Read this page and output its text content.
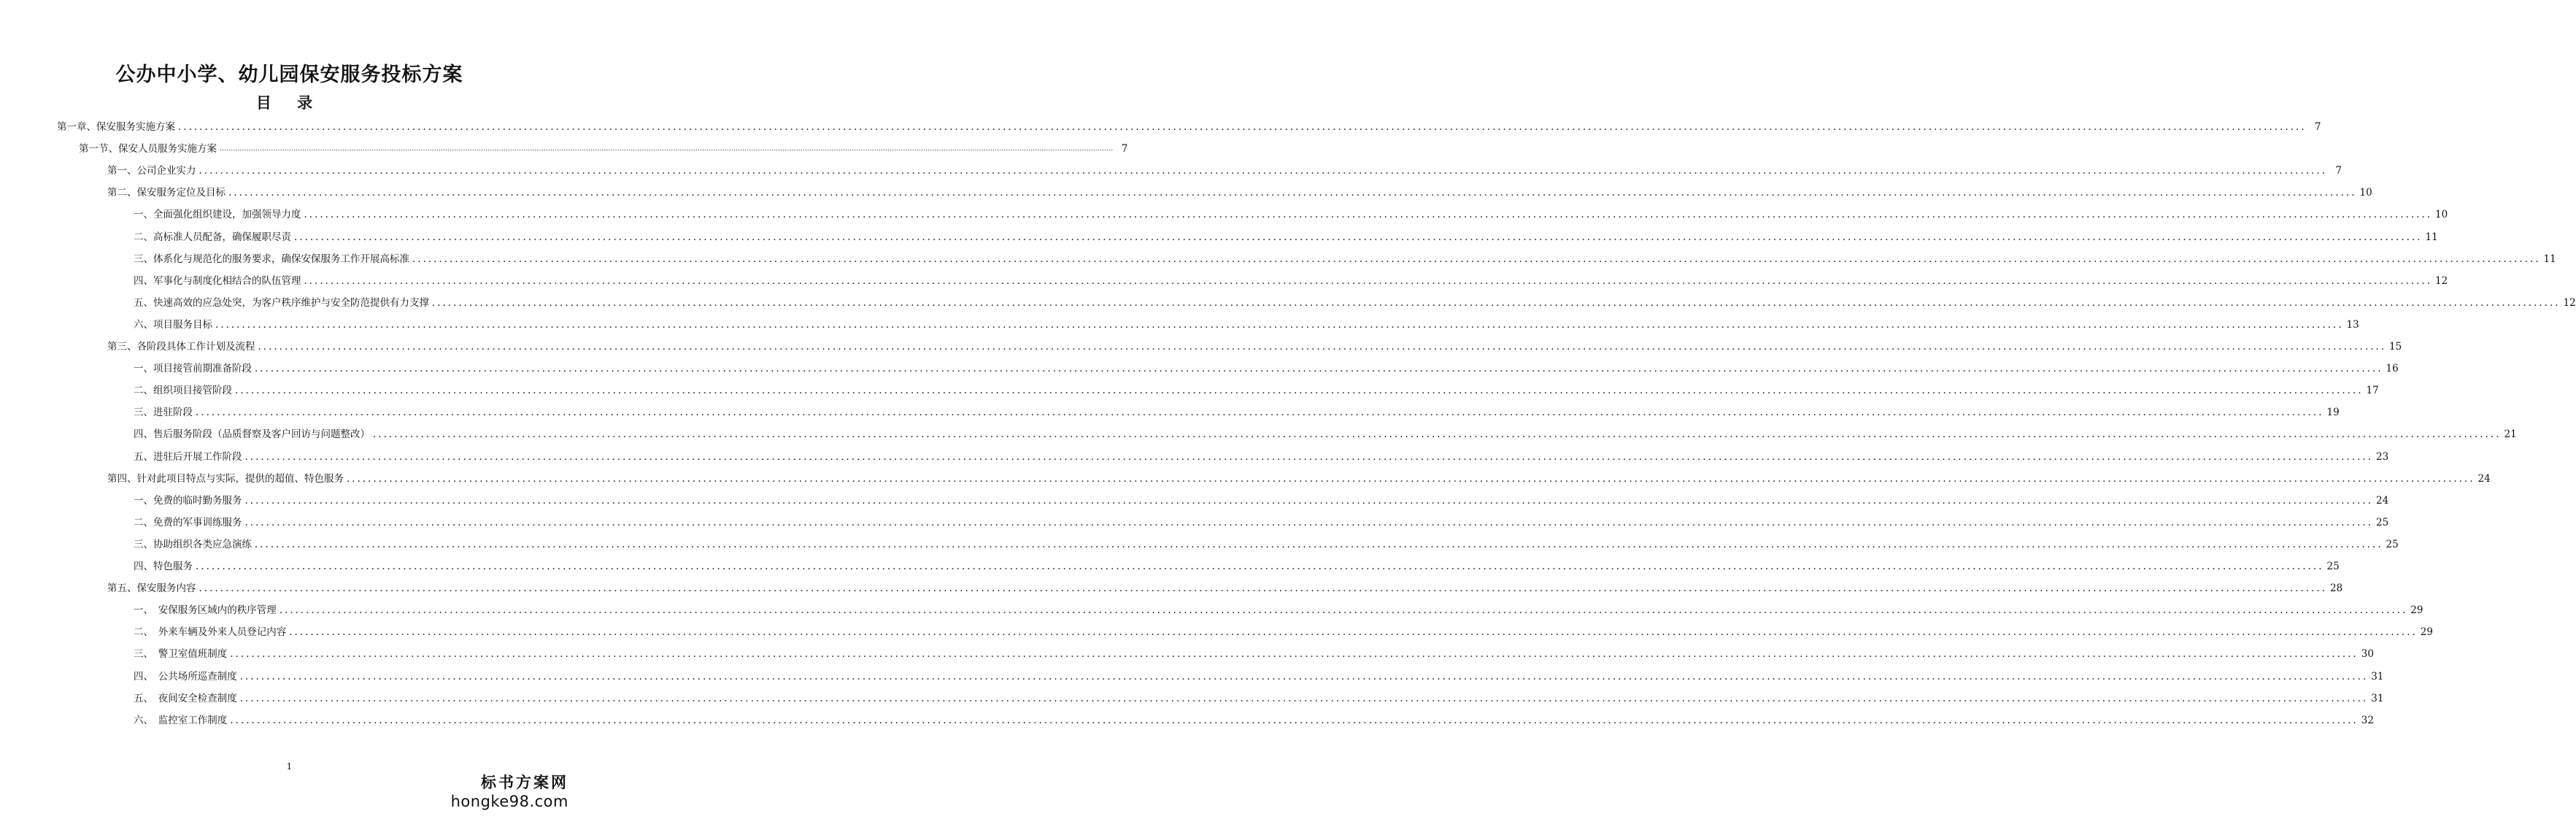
公办中小学、幼儿园保安服务投标方案
目 录
第一章、保安服务实施方案 ................................................................................................................................................................................................................................................................................................................................................................................................................ 7
第一节、保安人员服务实施方案 ................................................................................................................................................................................................................................................................................................................................................................................................................ 7
第一、公司企业实力 ................................................................................................................................................................................................................................................................................................................................................................................................................ 7
第二、保安服务定位及目标 ................................................................................................................................................................................................................................................................................................................................................................................................................ 10
一、全面强化组织建设，加强领导力度 ................................................................................................................................................................................................................................................................................................................................................................................................................ 10
二、高标准人员配备，确保履职尽责 ................................................................................................................................................................................................................................................................................................................................................................................................................ 11
三、体系化与规范化的服务要求，确保安保服务工作开展高标准 ................................................................................................................................................................................................................................................................................................................................................................................................................ 11
四、军事化与制度化相结合的队伍管理 ................................................................................................................................................................................................................................................................................................................................................................................................................ 12
五、快速高效的应急处突，为客户秩序维护与安全防范提供有力支撑 ................................................................................................................................................................................................................................................................................................................................................................................................................ 12
六、项目服务目标 ................................................................................................................................................................................................................................................................................................................................................................................................................ 13
第三、各阶段具体工作计划及流程 ................................................................................................................................................................................................................................................................................................................................................................................................................ 15
一、项目接管前期准备阶段 ................................................................................................................................................................................................................................................................................................................................................................................................................ 16
二、组织项目接管阶段 ................................................................................................................................................................................................................................................................................................................................................................................................................ 17
三、进驻阶段 ................................................................................................................................................................................................................................................................................................................................................................................................................ 19
四、售后服务阶段（品质督察及客户回访与问题整改） ................................................................................................................................................................................................................................................................................................................................................................................................................ 21
五、进驻后开展工作阶段 ................................................................................................................................................................................................................................................................................................................................................................................................................ 23
第四、针对此项目特点与实际，提供的超值、特色服务 ................................................................................................................................................................................................................................................................................................................................................................................................................ 24
一、免费的临时勤务服务 ................................................................................................................................................................................................................................................................................................................................................................................................................ 24
二、免费的军事训练服务 ................................................................................................................................................................................................................................................................................................................................................................................................................ 25
三、协助组织各类应急演练 ................................................................................................................................................................................................................................................................................................................................................................................................................ 25
四、特色服务 ................................................................................................................................................................................................................................................................................................................................................................................................................ 25
第五、保安服务内容 ................................................................................................................................................................................................................................................................................................................................................................................................................ 28
一、　安保服务区域内的秩序管理 ................................................................................................................................................................................................................................................................................................................................................................................................................ 29
二、　外来车辆及外来人员登记内容 ................................................................................................................................................................................................................................................................................................................................................................................................................ 29
三、　警卫室值班制度 ................................................................................................................................................................................................................................................................................................................................................................................................................ 30
四、　公共场所巡查制度 ................................................................................................................................................................................................................................................................................................................................................................................................................ 31
五、　夜间安全检查制度 ................................................................................................................................................................................................................................................................................................................................................................................................................ 31
六、　监控室工作制度 ................................................................................................................................................................................................................................................................................................................................................................................................................ 32
1
标书方案网
hongke98.com
